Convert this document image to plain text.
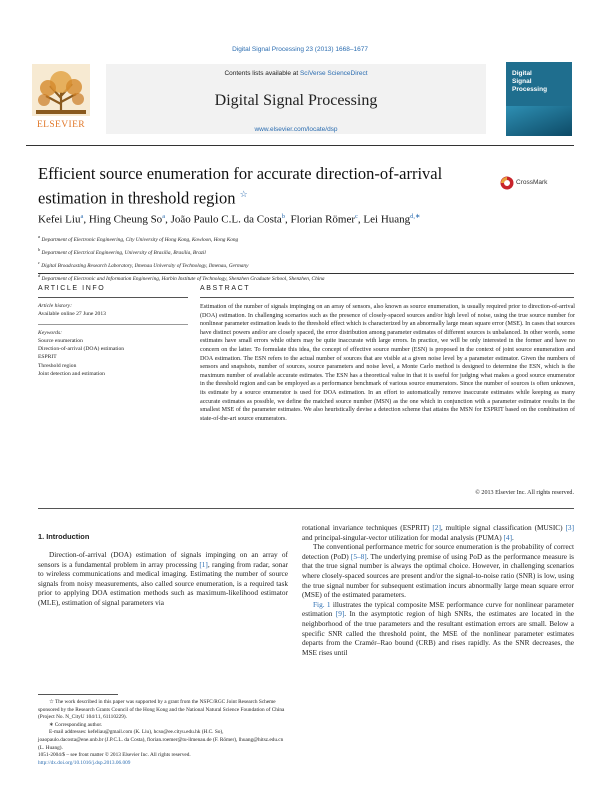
Digital Signal Processing 23 (2013) 1668–1677
ELSEVIER
Contents lists available at SciVerse ScienceDirect
Digital Signal Processing
www.elsevier.com/locate/dsp
Digital
Signal
Processing
Efficient source enumeration for accurate direction-of-arrival estimation in threshold region ☆
CrossMark
Kefei Liu$^a$, Hing Cheung So$^a$, João Paulo C.L. da Costa$^b$, Florian Römer$^c$, Lei Huang$^{d,∗}$
$^a$ Department of Electronic Engineering, City University of Hong Kong, Kowloon, Hong Kong
$^b$ Department of Electrical Engineering, University of Brasília, Brasília, Brazil
$^c$ Digital Broadcasting Research Laboratory, Ilmenau University of Technology, Ilmenau, Germany
$^d$ Department of Electronic and Information Engineering, Harbin Institute of Technology, Shenzhen Graduate School, Shenzhen, China
ARTICLE INFO	ABSTRACT
Article history:
Available online 27 June 2013
Keywords:
Source enumeration
Direction-of-arrival (DOA) estimation
ESPRIT
Threshold region
Joint detection and estimation
Estimation of the number of signals impinging on an array of sensors, also known as source enumeration, is usually required prior to direction-of-arrival (DOA) estimation. In challenging scenarios such as the presence of closely-spaced sources and/or high level of noise, using the true source number for nonlinear parameter estimation leads to the threshold effect which is characterized by an abnormally large mean square error (MSE). In cases that sources have distinct powers and/or are closely spaced, the error distribution among parameter estimates of different sources is unbalanced. In other words, some estimates have small errors while others may be quite inaccurate with large errors. In practice, we will be only interested in the former and have no concern on the latter. To formulate this idea, the concept of effective source number (ESN) is proposed in the context of joint source enumeration and DOA estimation. The ESN refers to the actual number of sources that are visible at a given noise level by a parameter estimator. Given the numbers of sensors and snapshots, number of sources, source parameters and noise level, a Monte Carlo method is designed to determine the ESN, which is the maximum number of available accurate estimates. The ESN has a theoretical value in that it is useful for judging what makes a good source enumerator in the threshold region and can be employed as a performance benchmark of various source enumerators. Since the number of sources is often unknown, its estimate by a source enumerator is used for DOA estimation. In an effort to automatically remove inaccurate estimates while keeping as many accurate estimates as possible, we define the matched source number (MSN) as the one which in conjunction with a parameter estimator results in the smallest MSE of the parameter estimates. We also heuristically devise a detection scheme that attains the MSN for ESPRIT based on the combination of state-of-the-art source enumerators.
© 2013 Elsevier Inc. All rights reserved.
1. Introduction

Direction-of-arrival (DOA) estimation of signals impinging on an array of sensors is a fundamental problem in array processing [1], ranging from radar, sonar to wireless communications and medical imaging. Estimating the number of source signals from noisy measurements, also called source enumeration, is a required task prior to applying DOA estimation methods such as maximum-likelihood estimator (MLE), estimation of signal parameters via

rotational invariance techniques (ESPRIT) [2], multiple signal classification (MUSIC) [3] and principal-singular-vector utilization for modal analysis (PUMA) [4].

The conventional performance metric for source enumeration is the probability of correct detection (PoD) [5–8]. The underlying premise of using PoD as the performance measure is that the true signal number is always the optimal choice. However, in challenging scenarios where closely-spaced sources are present and/or the signal-to-noise ratio (SNR) is low, using the true signal number for subsequent estimation incurs abnormally large mean square error (MSE) of the estimated parameters.

Fig. 1 illustrates the typical composite MSE performance curve for nonlinear parameter estimation [9]. In the asymptotic region of high SNRs, the estimates are located in the neighborhood of the true parameters and the resultant estimation errors are small. Below a specific SNR called the threshold point, the MSE of the nonlinear parameter estimates departs from the Cramér–Rao bound (CRB) and rises rapidly. As the SNR decreases, the MSE rises until

☆ The work described in this paper was supported by a grant from the NSFC/RGC Joint Research Scheme sponsored by the Research Grants Council of the Hong Kong and the National Natural Science Foundation of China (Project No. N_CityU 104/11, 61110229).

∗ Corresponding author.

E-mail addresses: kefeliau@gmail.com (K. Liu), hcso@ee.cityu.edu.hk (H.C. So), joaopaulo.dacosta@ene.unb.br (J.P.C.L. da Costa), florian.roemer@tu-ilmenau.de (F. Römer), lhuang@hitsz.edu.cn (L. Huang).

1051-2004/$ – see front matter © 2013 Elsevier Inc. All rights reserved.
http://dx.doi.org/10.1016/j.dsp.2013.06.009
